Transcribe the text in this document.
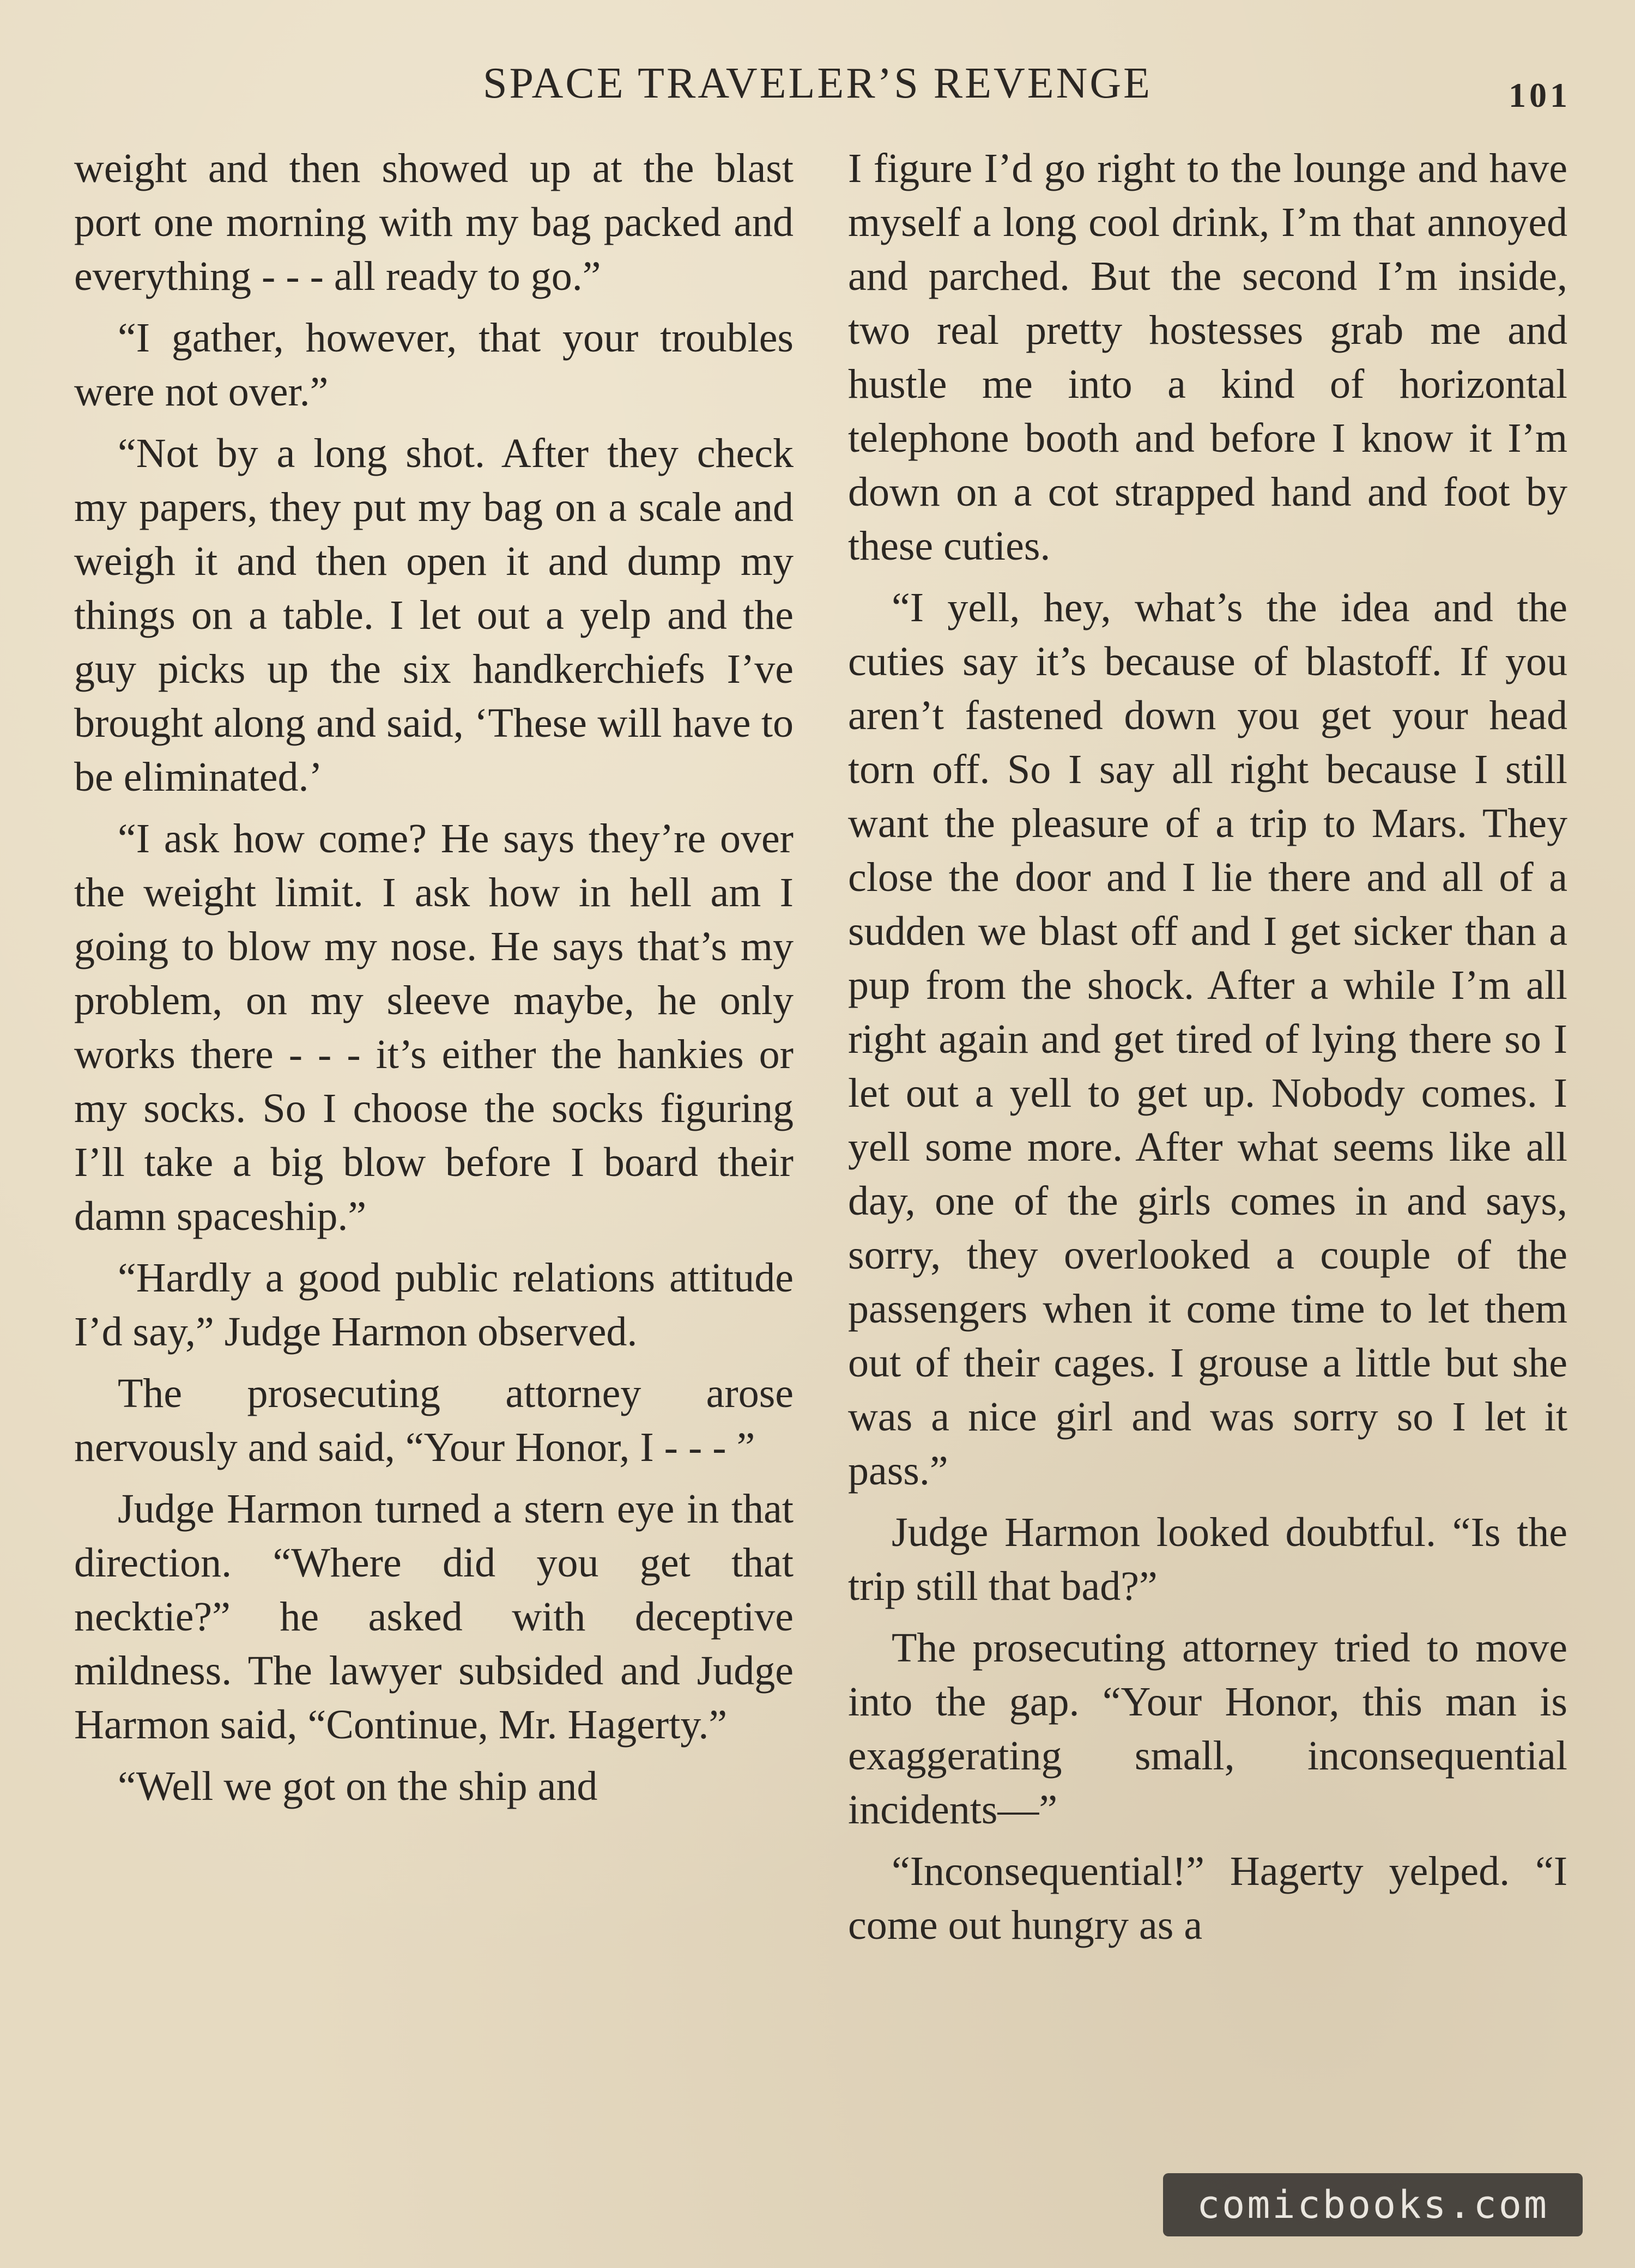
SPACE TRAVELER’S REVENGE	101

weight and then showed up at the blast port one morning with my bag packed and everything - - - all ready to go.”

“I gather, however, that your troubles were not over.”

“Not by a long shot. After they check my papers, they put my bag on a scale and weigh it and then open it and dump my things on a table. I let out a yelp and the guy picks up the six handkerchiefs I’ve brought along and said, ‘These will have to be eliminated.’

“I ask how come? He says they’re over the weight limit. I ask how in hell am I going to blow my nose. He says that’s my problem, on my sleeve maybe, he only works there - - - it’s either the hankies or my socks. So I choose the socks figuring I’ll take a big blow before I board their damn spaceship.”

“Hardly a good public relations attitude I’d say,” Judge Harmon observed.

The prosecuting attorney arose nervously and said, “Your Honor, I - - - ”

Judge Harmon turned a stern eye in that direction. “Where did you get that necktie?” he asked with deceptive mildness. The lawyer subsided and Judge Harmon said, “Continue, Mr. Hagerty.”

“Well we got on the ship and

I figure I’d go right to the lounge and have myself a long cool drink, I’m that annoyed and parched. But the second I’m inside, two real pretty hostesses grab me and hustle me into a kind of horizontal telephone booth and before I know it I’m down on a cot strapped hand and foot by these cuties.

“I yell, hey, what’s the idea and the cuties say it’s because of blastoff. If you aren’t fastened down you get your head torn off. So I say all right because I still want the pleasure of a trip to Mars. They close the door and I lie there and all of a sudden we blast off and I get sicker than a pup from the shock. After a while I’m all right again and get tired of lying there so I let out a yell to get up. Nobody comes. I yell some more. After what seems like all day, one of the girls comes in and says, sorry, they overlooked a couple of the passengers when it come time to let them out of their cages. I grouse a little but she was a nice girl and was sorry so I let it pass.”

Judge Harmon looked doubtful. “Is the trip still that bad?”

The prosecuting attorney tried to move into the gap. “Your Honor, this man is exaggerating small, inconsequential incidents—”

“Inconsequential!” Hagerty yelped. “I come out hungry as a

comicbooks.com
